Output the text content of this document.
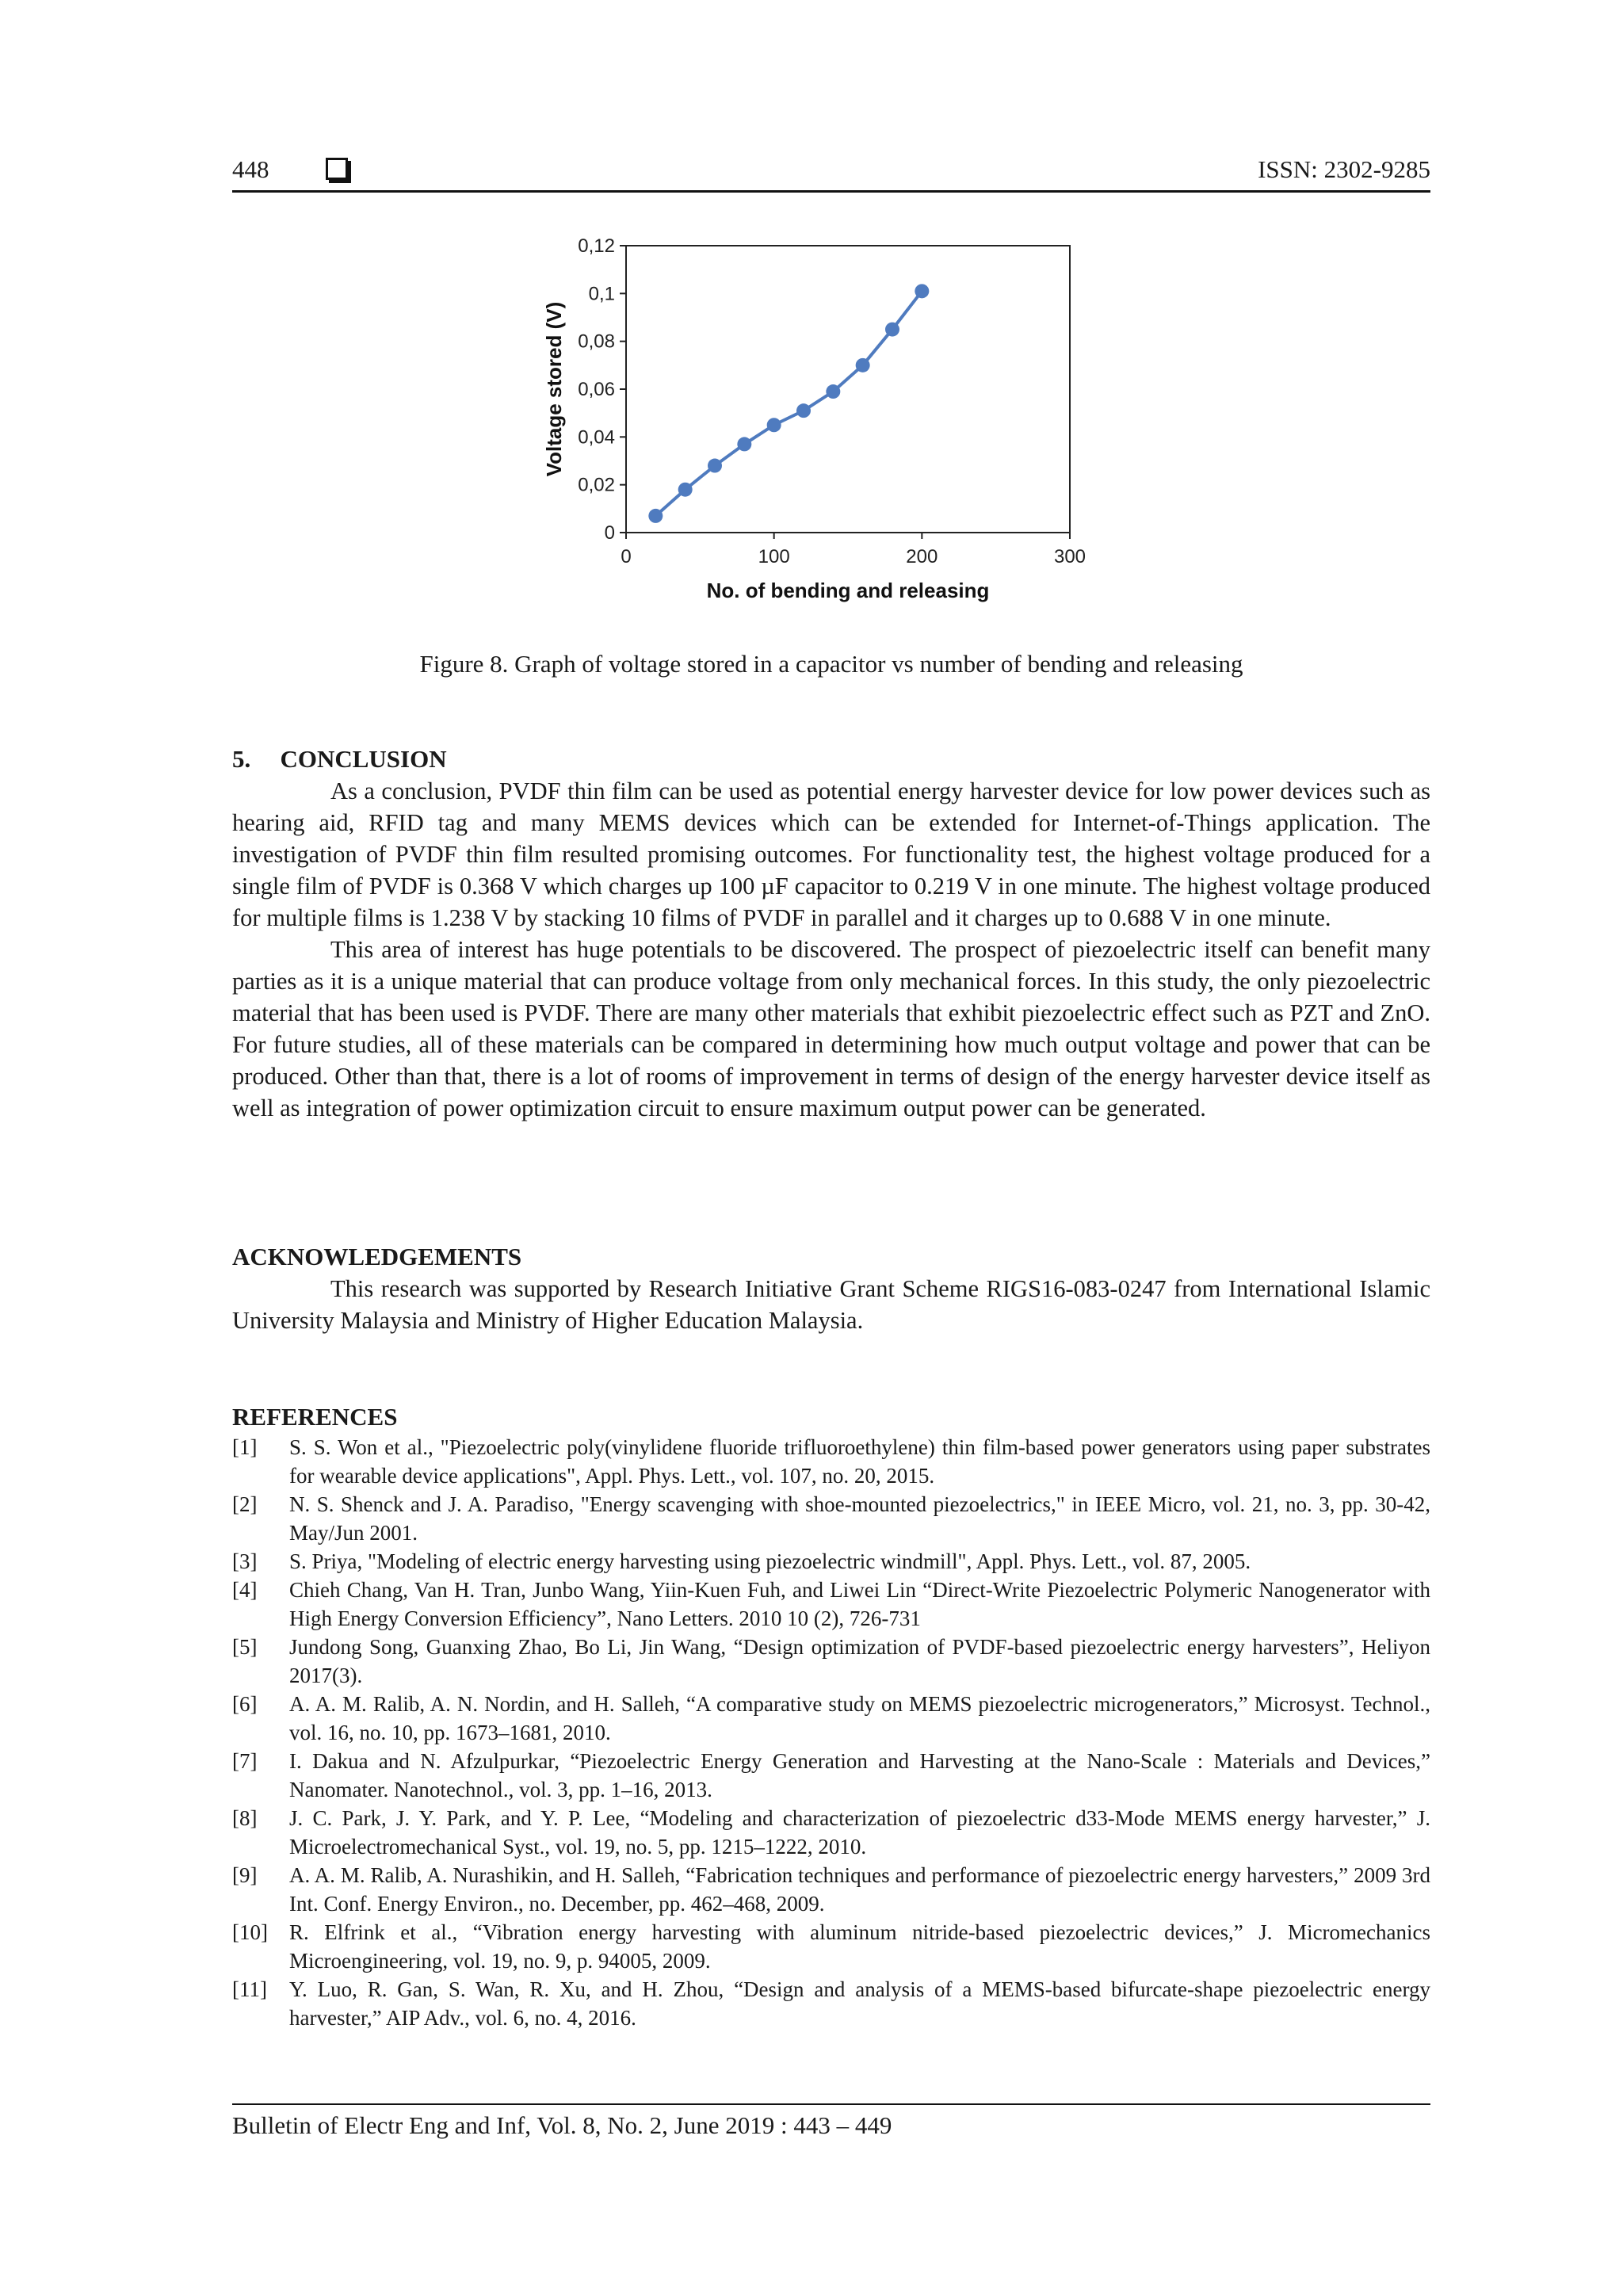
448	ISSN: 2302-9285
0
0,02
0,04
0,06
0,08
0,1
0,12
0	100	200	300
Voltage stored (V)
No. of bending and releasing
Figure 8. Graph of voltage stored in a capacitor vs number of bending and releasing
5.  CONCLUSION

As a conclusion, PVDF thin film can be used as potential energy harvester device for low power devices such as hearing aid, RFID tag and many MEMS devices which can be extended for Internet-of-Things application. The investigation of PVDF thin film resulted promising outcomes. For functionality test, the highest voltage produced for a single film of PVDF is 0.368 V which charges up 100 µF capacitor to 0.219 V in one minute. The highest voltage produced for multiple films is 1.238 V by stacking 10 films of PVDF in parallel and it charges up to 0.688 V in one minute.

This area of interest has huge potentials to be discovered. The prospect of piezoelectric itself can benefit many parties as it is a unique material that can produce voltage from only mechanical forces. In this study, the only piezoelectric material that has been used is PVDF. There are many other materials that exhibit piezoelectric effect such as PZT and ZnO. For future studies, all of these materials can be compared in determining how much output voltage and power that can be produced. Other than that, there is a lot of rooms of improvement in terms of design of the energy harvester device itself as well as integration of power optimization circuit to ensure maximum output power can be generated.

ACKNOWLEDGEMENTS

This research was supported by Research Initiative Grant Scheme RIGS16-083-0247 from International Islamic University Malaysia and Ministry of Higher Education Malaysia.

REFERENCES
[1]	S. S. Won et al., "Piezoelectric poly(vinylidene fluoride trifluoroethylene) thin film-based power generators using paper substrates for wearable device applications", Appl. Phys. Lett., vol. 107, no. 20, 2015.
[2]	N. S. Shenck and J. A. Paradiso, "Energy scavenging with shoe-mounted piezoelectrics," in IEEE Micro, vol. 21, no. 3, pp. 30-42, May/Jun 2001.
[3]	S. Priya, "Modeling of electric energy harvesting using piezoelectric windmill", Appl. Phys. Lett., vol. 87, 2005.
[4]	Chieh Chang, Van H. Tran, Junbo Wang, Yiin-Kuen Fuh, and Liwei Lin “Direct-Write Piezoelectric Polymeric Nanogenerator with High Energy Conversion Efficiency”, Nano Letters. 2010 10 (2), 726-731
[5]	Jundong Song, Guanxing Zhao, Bo Li, Jin Wang, “Design optimization of PVDF-based piezoelectric energy harvesters”, Heliyon 2017(3).
[6]	A. A. M. Ralib, A. N. Nordin, and H. Salleh, “A comparative study on MEMS piezoelectric microgenerators,” Microsyst. Technol., vol. 16, no. 10, pp. 1673–1681, 2010.
[7]	I. Dakua and N. Afzulpurkar, “Piezoelectric Energy Generation and Harvesting at the Nano-Scale : Materials and Devices,” Nanomater. Nanotechnol., vol. 3, pp. 1–16, 2013.
[8]	J. C. Park, J. Y. Park, and Y. P. Lee, “Modeling and characterization of piezoelectric d33-Mode MEMS energy harvester,” J. Microelectromechanical Syst., vol. 19, no. 5, pp. 1215–1222, 2010.
[9]	A. A. M. Ralib, A. Nurashikin, and H. Salleh, “Fabrication techniques and performance of piezoelectric energy harvesters,” 2009 3rd Int. Conf. Energy Environ., no. December, pp. 462–468, 2009.
[10]	R. Elfrink et al., “Vibration energy harvesting with aluminum nitride-based piezoelectric devices,” J. Micromechanics Microengineering, vol. 19, no. 9, p. 94005, 2009.
[11]	Y. Luo, R. Gan, S. Wan, R. Xu, and H. Zhou, “Design and analysis of a MEMS-based bifurcate-shape piezoelectric energy harvester,” AIP Adv., vol. 6, no. 4, 2016.
Bulletin of Electr Eng and Inf, Vol. 8, No. 2, June 2019 : 443 – 449
